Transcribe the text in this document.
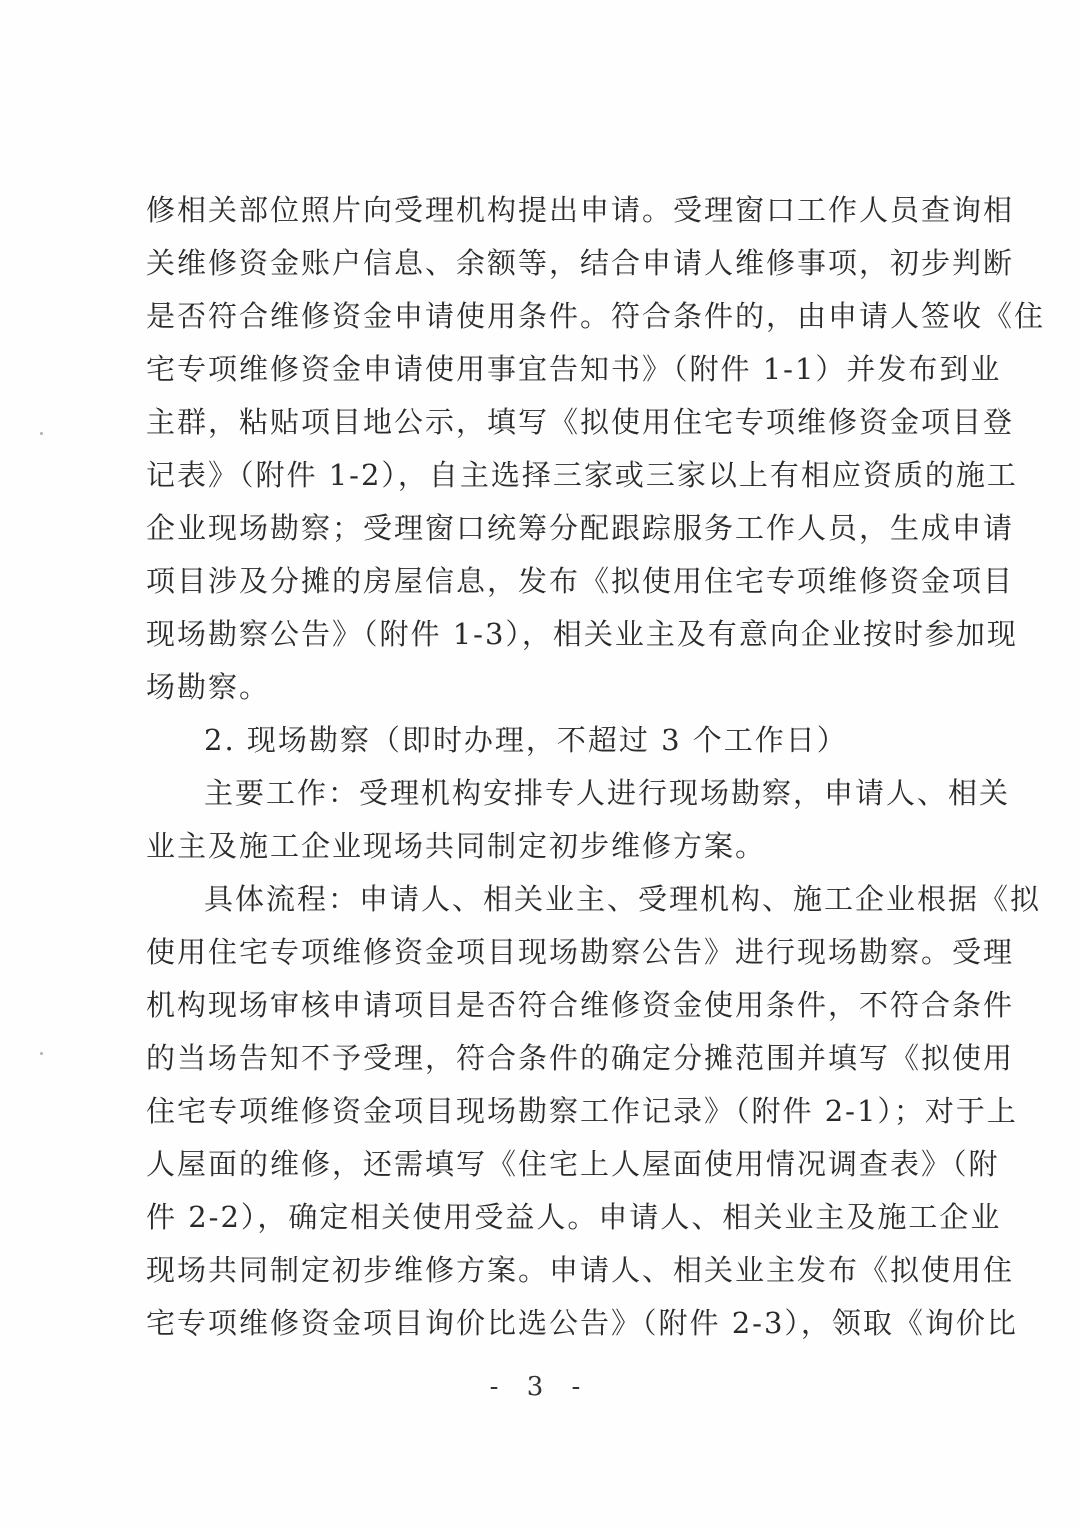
修相关部位照片向受理机构提出申请。受理窗口工作人员查询相
关维修资金账户信息、余额等，结合申请人维修事项，初步判断
是否符合维修资金申请使用条件。符合条件的，由申请人签收《住
宅专项维修资金申请使用事宜告知书》（附件 1-1）并发布到业
主群，粘贴项目地公示，填写《拟使用住宅专项维修资金项目登
记表》（附件 1-2），自主选择三家或三家以上有相应资质的施工
企业现场勘察；受理窗口统筹分配跟踪服务工作人员，生成申请
项目涉及分摊的房屋信息，发布《拟使用住宅专项维修资金项目
现场勘察公告》（附件 1-3），相关业主及有意向企业按时参加现
场勘察。
2. 现场勘察（即时办理，不超过 3 个工作日）
主要工作：受理机构安排专人进行现场勘察，申请人、相关
业主及施工企业现场共同制定初步维修方案。
具体流程：申请人、相关业主、受理机构、施工企业根据《拟
使用住宅专项维修资金项目现场勘察公告》进行现场勘察。受理
机构现场审核申请项目是否符合维修资金使用条件，不符合条件
的当场告知不予受理，符合条件的确定分摊范围并填写《拟使用
住宅专项维修资金项目现场勘察工作记录》（附件 2-1）；对于上
人屋面的维修，还需填写《住宅上人屋面使用情况调查表》（附
件 2-2），确定相关使用受益人。申请人、相关业主及施工企业
现场共同制定初步维修方案。申请人、相关业主发布《拟使用住
宅专项维修资金项目询价比选公告》（附件 2-3），领取《询价比
- 3 -
